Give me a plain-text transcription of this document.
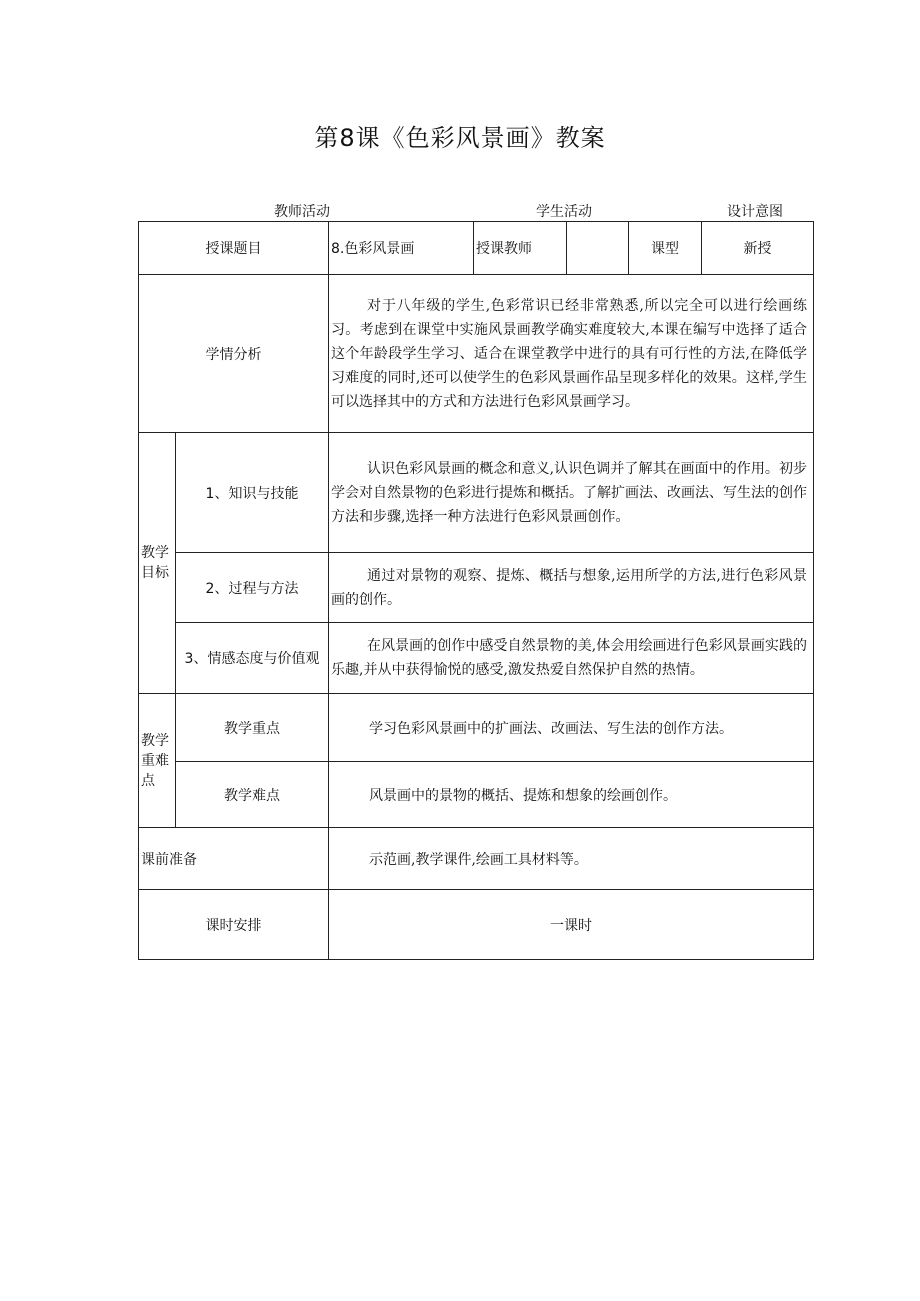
第8课《色彩风景画》教案
教师活动	学生活动	设计意图
授课题目		8.色彩风景画	授课教师		课型	新授
学情分析		对于八年级的学生,色彩常识已经非常熟悉,所以完全可以进行绘画练习。考虑到在课堂中实施风景画教学确实难度较大,本课在编写中选择了适合这个年龄段学生学习、适合在课堂教学中进行的具有可行性的方法,在降低学习难度的同时,还可以使学生的色彩风景画作品呈现多样化的效果。这样,学生可以选择其中的方式和方法进行色彩风景画学习。				
教学目标	1、知识与技能	认识色彩风景画的概念和意义,认识色调并了解其在画面中的作用。初步学会对自然景物的色彩进行提炼和概括。了解扩画法、改画法、写生法的创作方法和步骤,选择一种方法进行色彩风景画创作。				
	2、过程与方法	通过对景物的观察、提炼、概括与想象,运用所学的方法,进行色彩风景画的创作。				
	3、情感态度与价值观	在风景画的创作中感受自然景物的美,体会用绘画进行色彩风景画实践的乐趣,并从中获得愉悦的感受,激发热爱自然保护自然的热情。				
教学重难点	教学重点	学习色彩风景画中的扩画法、改画法、写生法的创作方法。				
	教学难点	风景画中的景物的概括、提炼和想象的绘画创作。				
课前准备		示范画,教学课件,绘画工具材料等。				
课时安排		一课时				
